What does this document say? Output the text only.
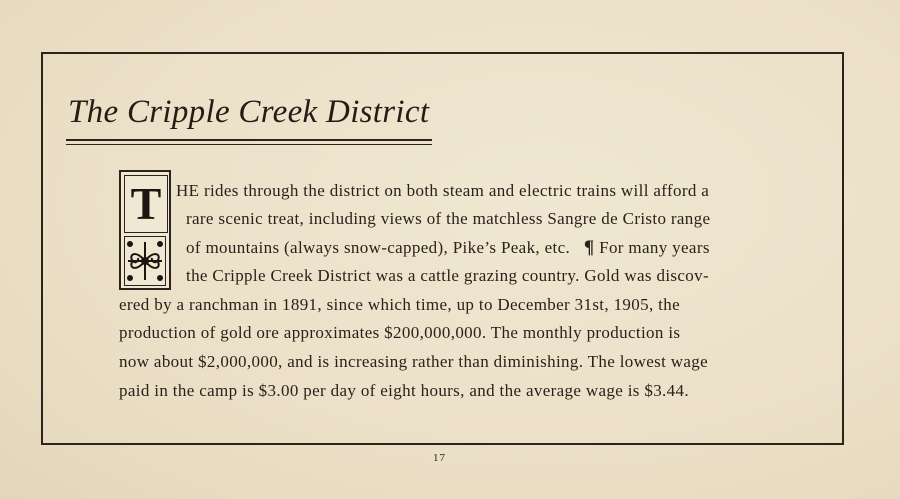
The Cripple Creek District
T HE rides through the district on both steam and electric trains will afford a
rare scenic treat, including views of the matchless Sangre de Cristo range
of mountains (always snow-capped), Pike’s Peak, etc. ¶ For many years
the Cripple Creek District was a cattle grazing country. Gold was discov-
ered by a ranchman in 1891, since which time, up to December 31st, 1905, the
production of gold ore approximates $200,000,000. The monthly production is
now about $2,000,000, and is increasing rather than diminishing. The lowest wage
paid in the camp is $3.00 per day of eight hours, and the average wage is $3.44.
17
